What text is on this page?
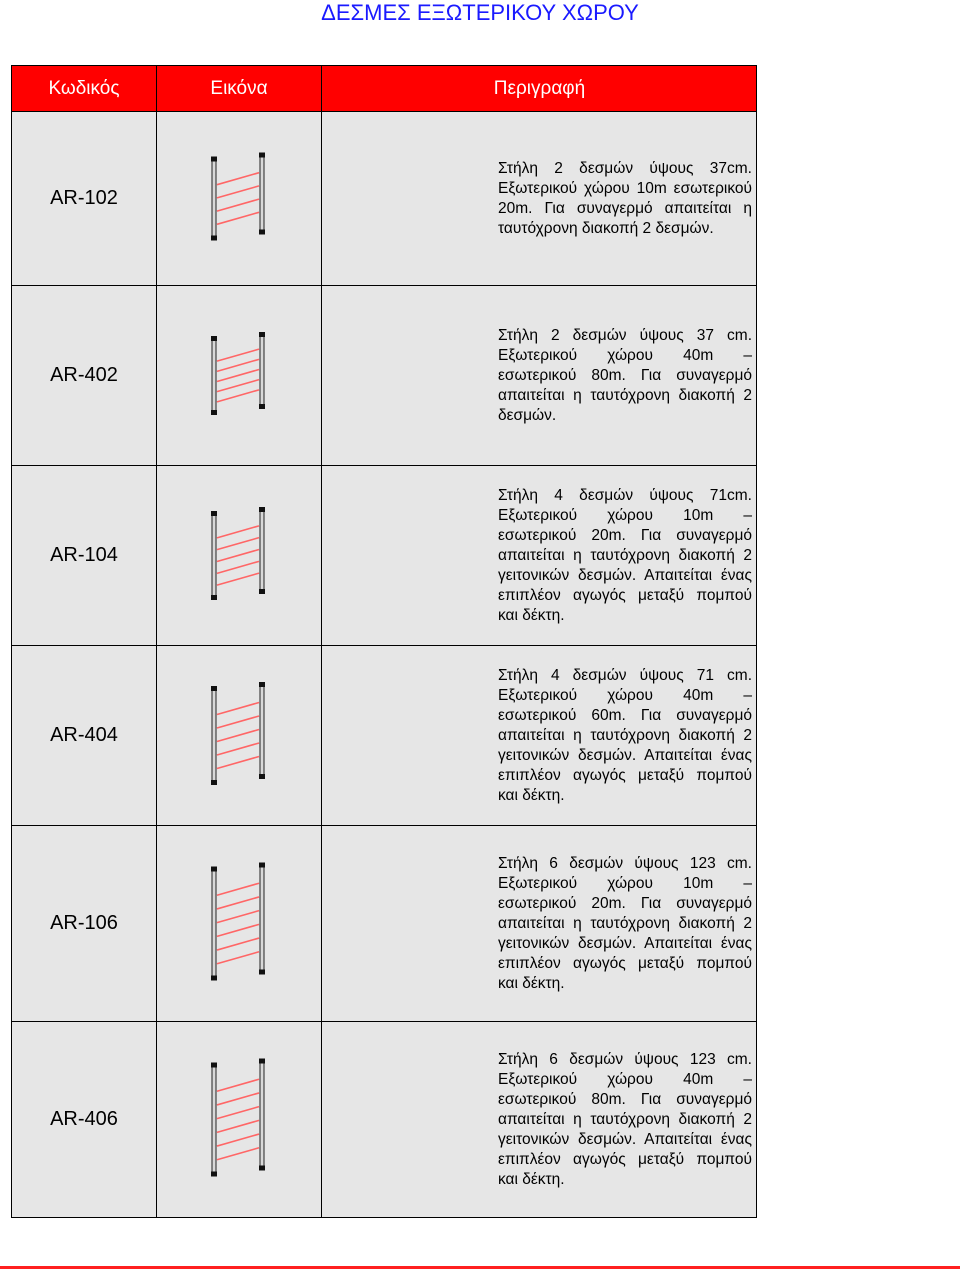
ΔΕΣΜΕΣ ΕΞΩΤΕΡΙΚΟΥ ΧΩΡΟΥ
Κωδικός	Εικόνα	Περιγραφή
AR-102		Στήλη 2 δεσμών ύψους 37cm. Εξωτερικού χώρου 10m εσωτερικού 20m. Για συναγερμό απαιτείται η ταυτόχρονη διακοπή 2 δεσμών.
AR-402		Στήλη 2 δεσμών ύψους 37 cm. Εξωτερικού χώρου 40m – εσωτερικού 80m. Για συναγερμό απαιτείται η ταυτόχρονη διακοπή 2 δεσμών.
AR-104		Στήλη 4 δεσμών ύψους 71cm. Εξωτερικού χώρου 10m – εσωτερικού 20m. Για συναγερμό απαιτείται η ταυτόχρονη διακοπή 2 γειτονικών δεσμών. Απαιτείται ένας επιπλέον αγωγός μεταξύ πομπού και δέκτη.
AR-404		Στήλη 4 δεσμών ύψους 71 cm. Εξωτερικού χώρου 40m – εσωτερικού 60m. Για συναγερμό απαιτείται η ταυτόχρονη διακοπή 2 γειτονικών δεσμών. Απαιτείται ένας επιπλέον αγωγός μεταξύ πομπού και δέκτη.
AR-106		Στήλη 6 δεσμών ύψους 123 cm. Εξωτερικού χώρου 10m – εσωτερικού 20m. Για συναγερμό απαιτείται η ταυτόχρονη διακοπή 2 γειτονικών δεσμών. Απαιτείται ένας επιπλέον αγωγός μεταξύ πομπού και δέκτη.
AR-406		Στήλη 6 δεσμών ύψους 123 cm. Εξωτερικού χώρου 40m – εσωτερικού 80m. Για συναγερμό απαιτείται η ταυτόχρονη διακοπή 2 γειτονικών δεσμών. Απαιτείται ένας επιπλέον αγωγός μεταξύ πομπού και δέκτη.
